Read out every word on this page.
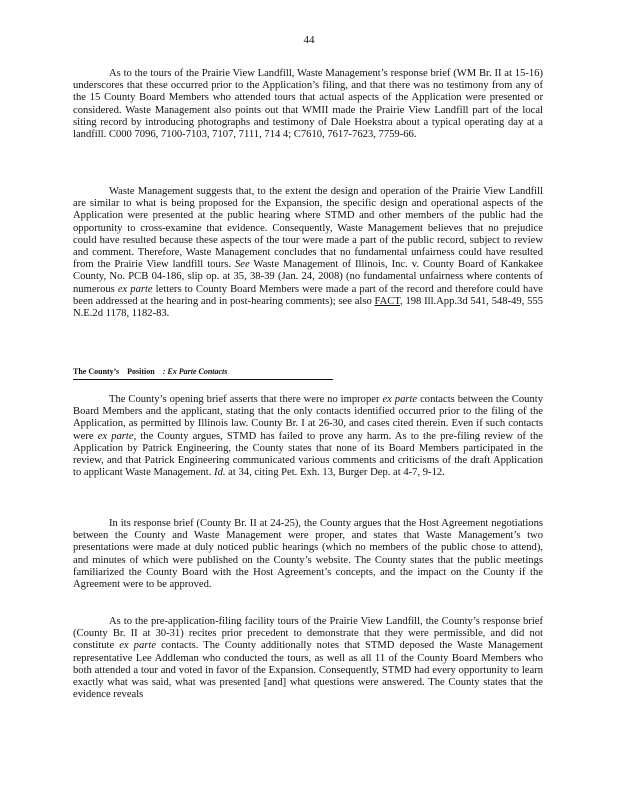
44

As to the tours of the Prairie View Landfill, Waste Management’s response brief (WM Br. II at 15-16) underscores that these occurred prior to the Application’s filing, and that there was no testimony from any of the 15 County Board Members who attended tours that actual aspects of the Application were presented or considered. Waste Management also points out that WMII made the Prairie View Landfill part of the local siting record by introducing photographs and testimony of Dale Hoekstra about a typical operating day at a landfill. C000 7096, 7100-7103, 7107, 7111, 714 4; C7610, 7617-7623, 7759-66.

Waste Management suggests that, to the extent the design and operation of the Prairie View Landfill are similar to what is being proposed for the Expansion, the specific design and operational aspects of the Application were presented at the public hearing where STMD and other members of the public had the opportunity to cross-examine that evidence. Consequently, Waste Management believes that no prejudice could have resulted because these aspects of the tour were made a part of the public record, subject to review and comment. Therefore, Waste Management concludes that no fundamental unfairness could have resulted from the Prairie View landfill tours. See Waste Management of Illinois, Inc. v. County Board of Kankakee County, No. PCB 04-186, slip op. at 35, 38-39 (Jan. 24, 2008) (no fundamental unfairness where contents of numerous ex parte letters to County Board Members were made a part of the record and therefore could have been addressed at the hearing and in post-hearing comments); see also FACT, 198 Ill.App.3d 541, 548-49, 555 N.E.2d 1178, 1182-83.

The County’s Position : Ex Parte Contacts

The County’s opening brief asserts that there were no improper ex parte contacts between the County Board Members and the applicant, stating that the only contacts identified occurred prior to the filing of the Application, as permitted by Illinois law. County Br. I at 26-30, and cases cited therein. Even if such contacts were ex parte, the County argues, STMD has failed to prove any harm. As to the pre-filing review of the Application by Patrick Engineering, the County states that none of its Board Members participated in the review, and that Patrick Engineering communicated various comments and criticisms of the draft Application to applicant Waste Management. Id. at 34, citing Pet. Exh. 13, Burger Dep. at 4-7, 9-12.

In its response brief (County Br. II at 24-25), the County argues that the Host Agreement negotiations between the County and Waste Management were proper, and states that Waste Management’s two presentations were made at duly noticed public hearings (which no members of the public chose to attend), and minutes of which were published on the County’s website. The County states that the public meetings familiarized the County Board with the Host Agreement’s concepts, and the impact on the County if the Agreement were to be approved.

As to the pre-application-filing facility tours of the Prairie View Landfill, the County’s response brief (County Br. II at 30-31) recites prior precedent to demonstrate that they were permissible, and did not constitute ex parte contacts. The County additionally notes that STMD deposed the Waste Management representative Lee Addleman who conducted the tours, as well as all 11 of the County Board Members who both attended a tour and voted in favor of the Expansion. Consequently, STMD had every opportunity to learn exactly what was said, what was presented [and] what questions were answered. The County states that the evidence reveals
